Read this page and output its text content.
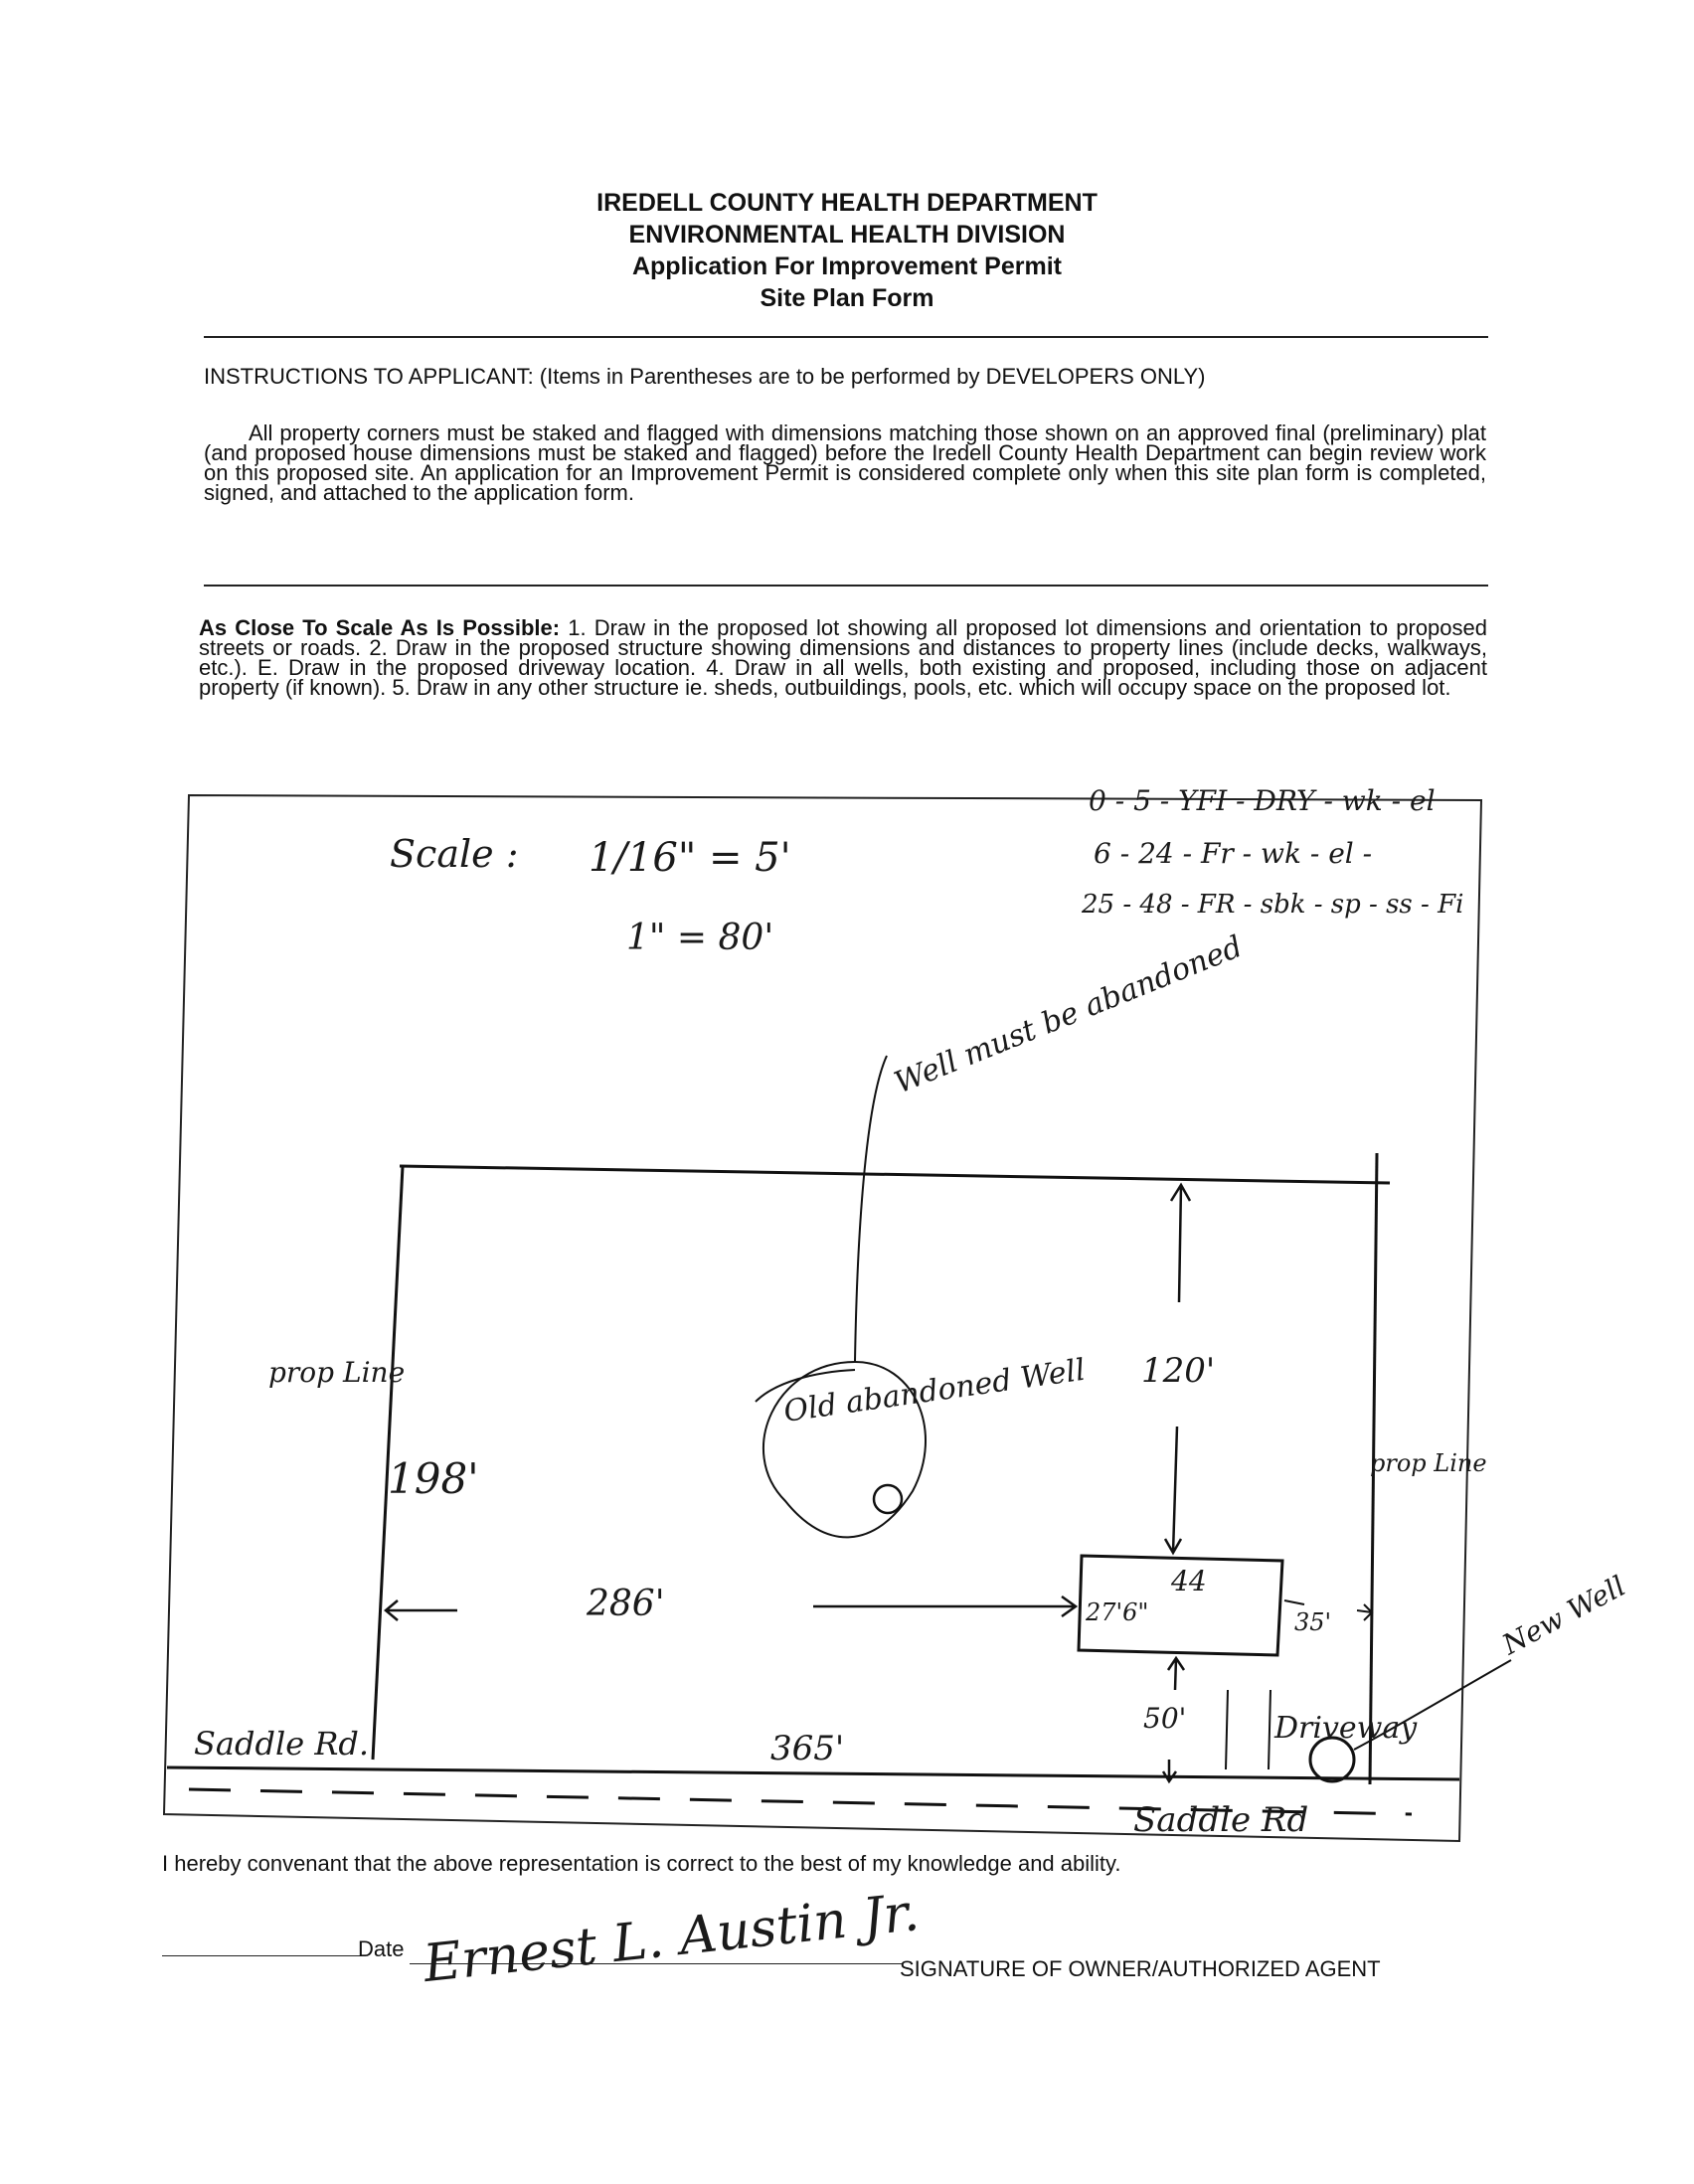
IREDELL COUNTY HEALTH DEPARTMENT
ENVIRONMENTAL HEALTH DIVISION
Application For Improvement Permit
Site Plan Form
INSTRUCTIONS TO APPLICANT: (Items in Parentheses are to be performed by DEVELOPERS ONLY)
All property corners must be staked and flagged with dimensions matching those shown on an approved final (preliminary) plat (and proposed house dimensions must be staked and flagged) before the Iredell County Health Department can begin review work on this proposed site. An application for an Improvement Permit is considered complete only when this site plan form is completed, signed, and attached to the application form.
As Close To Scale As Is Possible: 1. Draw in the proposed lot showing all proposed lot dimensions and orientation to proposed streets or roads. 2. Draw in the proposed structure showing dimensions and distances to property lines (include decks, walkways, etc.). E. Draw in the proposed driveway location. 4. Draw in all wells, both existing and proposed, including those on adjacent property (if known). 5. Draw in any other structure ie. sheds, outbuildings, pools, etc. which will occupy space on the proposed lot.
Scale : 1/16" = 5'
1" = 80'
0 - 5 - YFI - DRY - wk - el
6 - 24 - Fr - wk - el -
25 - 48 - FR - sbk - sp - ss - Fi
Well must be abandoned
Old abandoned Well
prop Line
prop Line
198'
120'
286'
44
27'6"	35'
50'
365'
Saddle Rd.
Saddle Rd
Driveway
New Well
I hereby convenant that the above representation is correct to the best of my knowledge and ability.
Date Ernest L. Austin Jr.
SIGNATURE OF OWNER/AUTHORIZED AGENT
